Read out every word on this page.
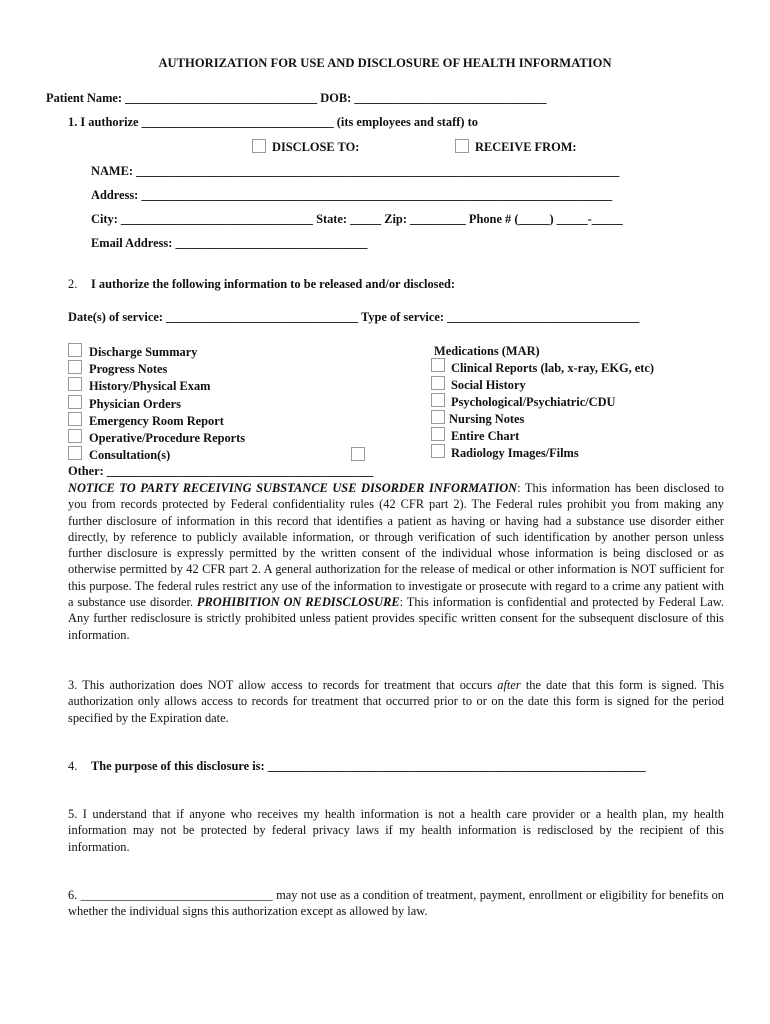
AUTHORIZATION FOR USE AND DISCLOSURE OF HEALTH INFORMATION
Patient Name: _______________________________ DOB: _______________________________
1. I authorize _______________________________ (its employees and staff) to
DISCLOSE TO:	RECEIVE FROM:
NAME: ______________________________________________________________________________
Address: ____________________________________________________________________________
City: _______________________________ State: _____ Zip: _________ Phone # (_____) _____-_____
Email Address: _______________________________
2. I authorize the following information to be released and/or disclosed:
Date(s) of service: _______________________________ Type of service: _______________________________
Discharge Summary
Progress Notes
History/Physical Exam
Physician Orders
Emergency Room Report
Operative/Procedure Reports
Consultation(s)
Other: ___________________________________________
Medications (MAR)
Clinical Reports (lab, x-ray, EKG, etc)
Social History
Psychological/Psychiatric/CDU
Nursing Notes
Entire Chart
Radiology Images/Films
NOTICE TO PARTY RECEIVING SUBSTANCE USE DISORDER INFORMATION: This information has been disclosed to you from records protected by Federal confidentiality rules (42 CFR part 2). The Federal rules prohibit you from making any further disclosure of information in this record that identifies a patient as having or having had a substance use disorder either directly, by reference to publicly available information, or through verification of such identification by another person unless further disclosure is expressly permitted by the written consent of the individual whose information is being disclosed or as otherwise permitted by 42 CFR part 2. A general authorization for the release of medical or other information is NOT sufficient for this purpose. The federal rules restrict any use of the information to investigate or prosecute with regard to a crime any patient with a substance use disorder. PROHIBITION ON REDISCLOSURE: This information is confidential and protected by Federal Law. Any further redisclosure is strictly prohibited unless patient provides specific written consent for the subsequent disclosure of this information.
3. This authorization does NOT allow access to records for treatment that occurs after the date that this form is signed. This authorization only allows access to records for treatment that occurred prior to or on the date this form is signed for the period specified by the Expiration date.
4. The purpose of this disclosure is: _____________________________________________________________
5. I understand that if anyone who receives my health information is not a health care provider or a health plan, my health information may not be protected by federal privacy laws if my health information is redisclosed by the recipient of this information.
6. _______________________________ may not use as a condition of treatment, payment, enrollment or eligibility for benefits on whether the individual signs this authorization except as allowed by law.
